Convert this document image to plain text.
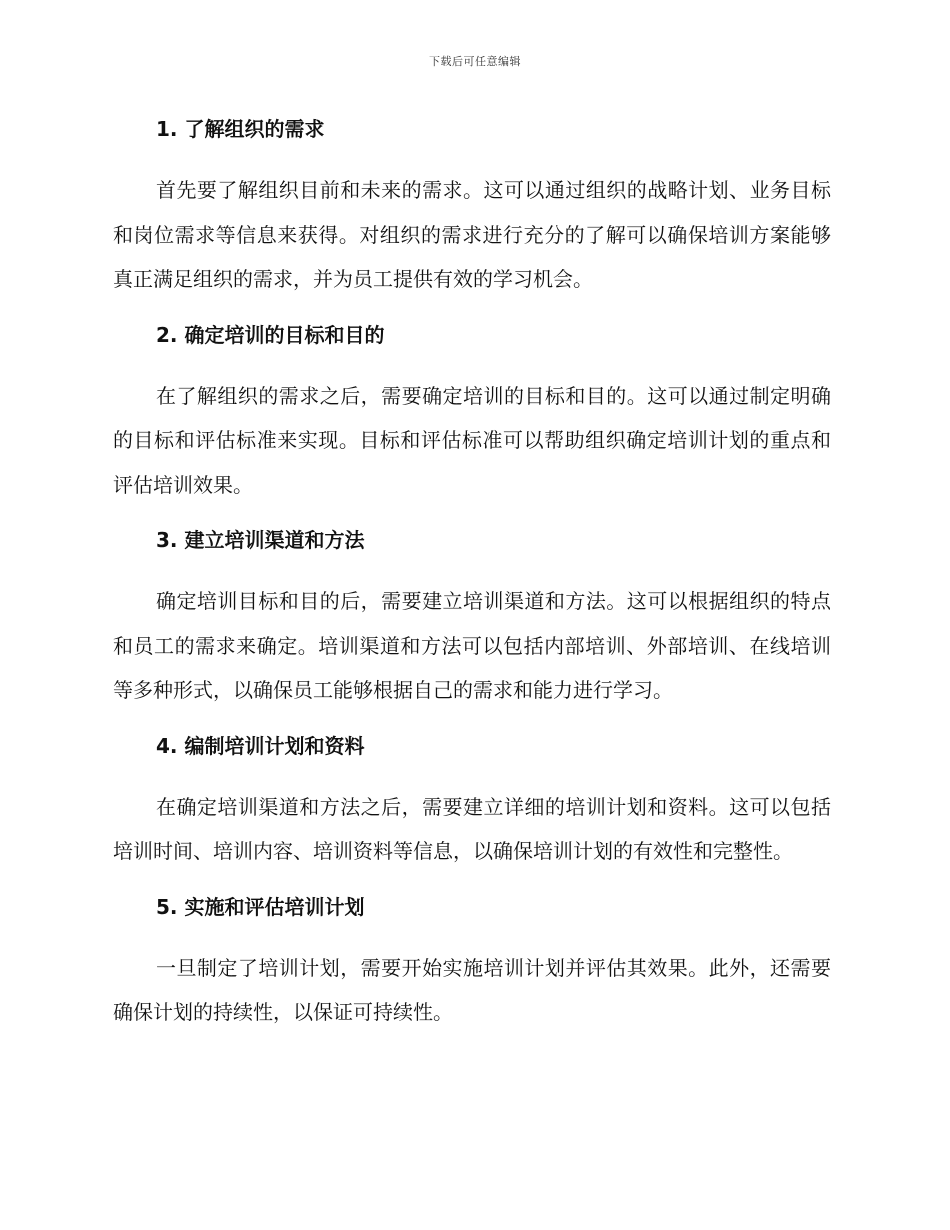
下载后可任意编辑
1. 了解组织的需求

首先要了解组织目前和未来的需求。这可以通过组织的战略计划、业务目标和岗位需求等信息来获得。对组织的需求进行充分的了解可以确保培训方案能够真正满足组织的需求，并为员工提供有效的学习机会。

2. 确定培训的目标和目的

在了解组织的需求之后，需要确定培训的目标和目的。这可以通过制定明确的目标和评估标准来实现。目标和评估标准可以帮助组织确定培训计划的重点和评估培训效果。

3. 建立培训渠道和方法

确定培训目标和目的后，需要建立培训渠道和方法。这可以根据组织的特点和员工的需求来确定。培训渠道和方法可以包括内部培训、外部培训、在线培训等多种形式，以确保员工能够根据自己的需求和能力进行学习。

4. 编制培训计划和资料

在确定培训渠道和方法之后，需要建立详细的培训计划和资料。这可以包括培训时间、培训内容、培训资料等信息，以确保培训计划的有效性和完整性。

5. 实施和评估培训计划

一旦制定了培训计划，需要开始实施培训计划并评估其效果。此外，还需要确保计划的持续性，以保证可持续性。
